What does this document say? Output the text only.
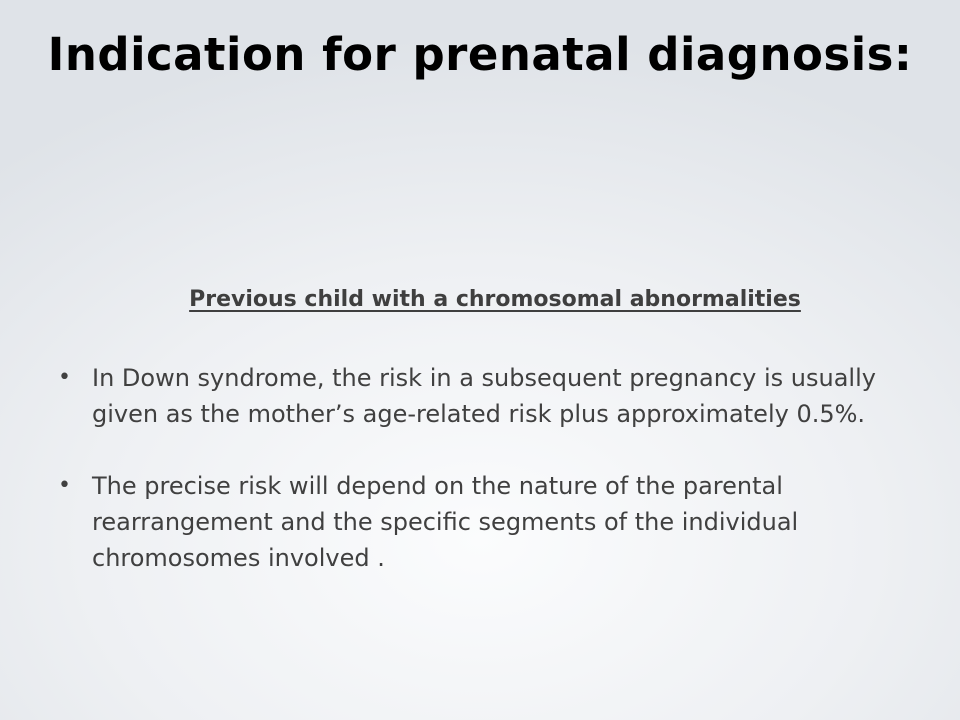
Indication for prenatal diagnosis:

Previous child with a chromosomal abnormalities

• In Down syndrome, the risk in a subsequent pregnancy is usually given as the mother’s age-related risk plus approximately 0.5%.
• The precise risk will depend on the nature of the parental rearrangement and the specific segments of the individual chromosomes involved .
